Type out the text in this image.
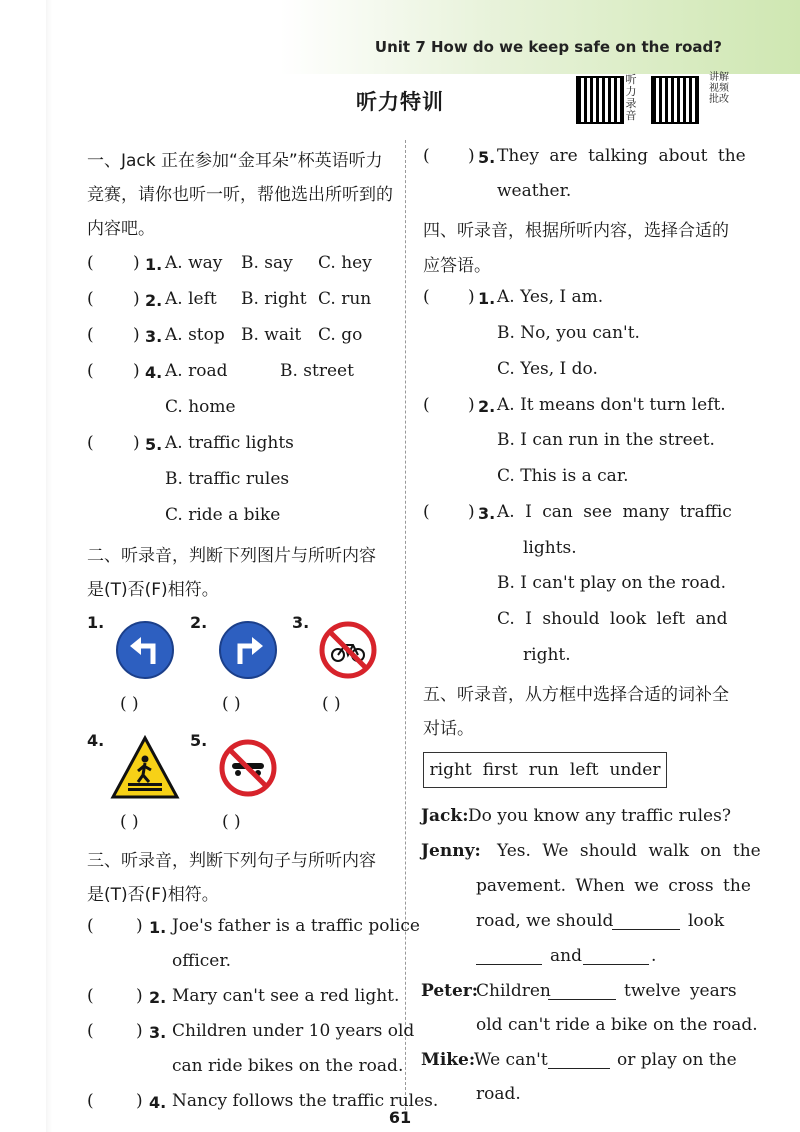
Unit 7 How do we keep safe on the road?
听力特训
听力录音
讲解视频批改
一、Jack 正在参加“金耳朵”杯英语听力
竞赛，请你也听一听，帮他选出所听到的
内容吧。
( ) 1. A. way B. say C. hey
( ) 2. A. left B. right C. run
( ) 3. A. stop B. wait C. go
( ) 4. A. road	B. street
C. home
( ) 5. A. traffic lights
B. traffic rules
C. ride a bike
二、听录音，判断下列图片与所听内容
是(T)否(F)相符。
1.
( )
2.
( )
3.
( )
4.
( )
5.
( )
三、听录音，判断下列句子与所听内容
是(T)否(F)相符。
( ) 1. Joe's father is a traffic police
officer.
( ) 2. Mary can't see a red light.
( ) 3. Children under 10 years old
can ride bikes on the road.
( ) 4. Nancy follows the traffic rules.
( ) 5. They are talking about the
weather.
四、听录音，根据所听内容，选择合适的
应答语。
( ) 1. A. Yes, I am.
B. No, you can't.
C. Yes, I do.
( ) 2. A. It means don't turn left.
B. I can run in the street.
C. This is a car.
( ) 3. A. I can see many traffic
lights.
B. I can't play on the road.
C. I should look left and
right.
五、听录音，从方框中选择合适的词补全
对话。
right first run left under
Jack: Do you know any traffic rules?
Jenny: Yes. We should walk on the
pavement. When we cross the
road, we should	look
and	.
Peter:
Children	twelve years
old can't ride a bike on the road.
Mike:
We can't	or play on the
road.
61
